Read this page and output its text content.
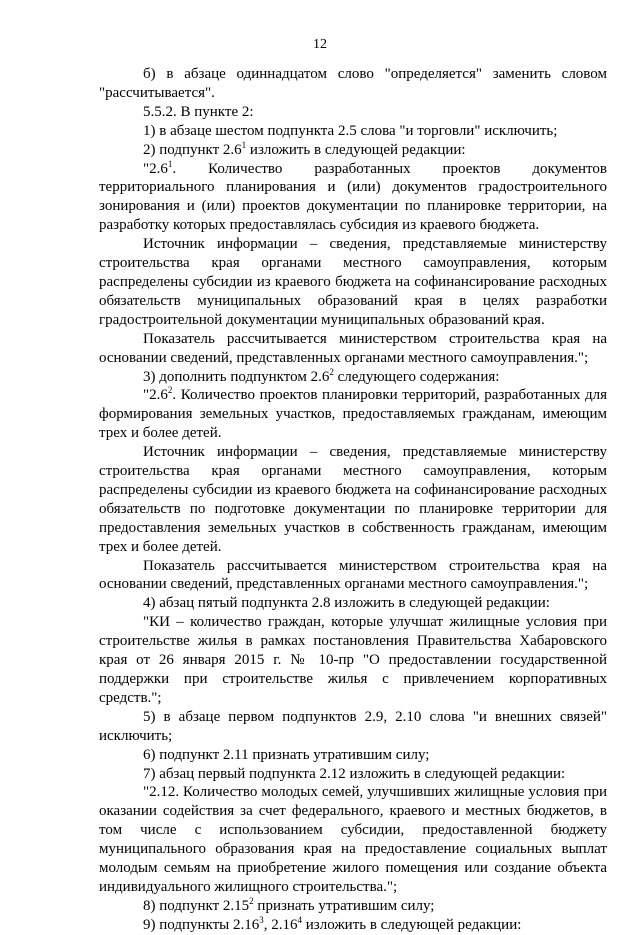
12

б) в абзаце одиннадцатом слово "определяется" заменить словом "рассчитывается".

5.5.2. В пункте 2:

1) в абзаце шестом подпункта 2.5 слова "и торговли" исключить;

2) подпункт $2.6^1$ изложить в следующей редакции:

"$2.6^1$. Количество разработанных проектов документов территориального планирования и (или) документов градостроительного зонирования и (или) проектов документации по планировке территории, на разработку которых предоставлялась субсидия из краевого бюджета.

Источник информации – сведения, представляемые министерству строительства края органами местного самоуправления, которым распределены субсидии из краевого бюджета на софинансирование расходных обязательств муниципальных образований края в целях разработки градостроительной документации муниципальных образований края.

Показатель рассчитывается министерством строительства края на основании сведений, представленных органами местного самоуправления.";

3) дополнить подпунктом $2.6^2$ следующего содержания:

"$2.6^2$. Количество проектов планировки территорий, разработанных для формирования земельных участков, предоставляемых гражданам, имеющим трех и более детей.

Источник информации – сведения, представляемые министерству строительства края органами местного самоуправления, которым распределены субсидии из краевого бюджета на софинансирование расходных обязательств по подготовке документации по планировке территории для предоставления земельных участков в собственность гражданам, имеющим трех и более детей.

Показатель рассчитывается министерством строительства края на основании сведений, представленных органами местного самоуправления.";

4) абзац пятый подпункта 2.8 изложить в следующей редакции:

"КИ – количество граждан, которые улучшат жилищные условия при строительстве жилья в рамках постановления Правительства Хабаровского края от 26 января 2015 г. № 10-пр "О предоставлении государственной поддержки при строительстве жилья с привлечением корпоративных средств.";

5) в абзаце первом подпунктов 2.9, 2.10 слова "и внешних связей" исключить;

6) подпункт 2.11 признать утратившим силу;

7) абзац первый подпункта 2.12 изложить в следующей редакции:

"2.12. Количество молодых семей, улучшивших жилищные условия при оказании содействия за счет федерального, краевого и местных бюджетов, в том числе с использованием субсидии, предоставленной бюджету муниципального образования края на предоставление социальных выплат молодым семьям на приобретение жилого помещения или создание объекта индивидуального жилищного строительства.";

8) подпункт 2.15$^2$ признать утратившим силу;

9) подпункты 2.16$^3$, 2.16$^4$ изложить в следующей редакции:
